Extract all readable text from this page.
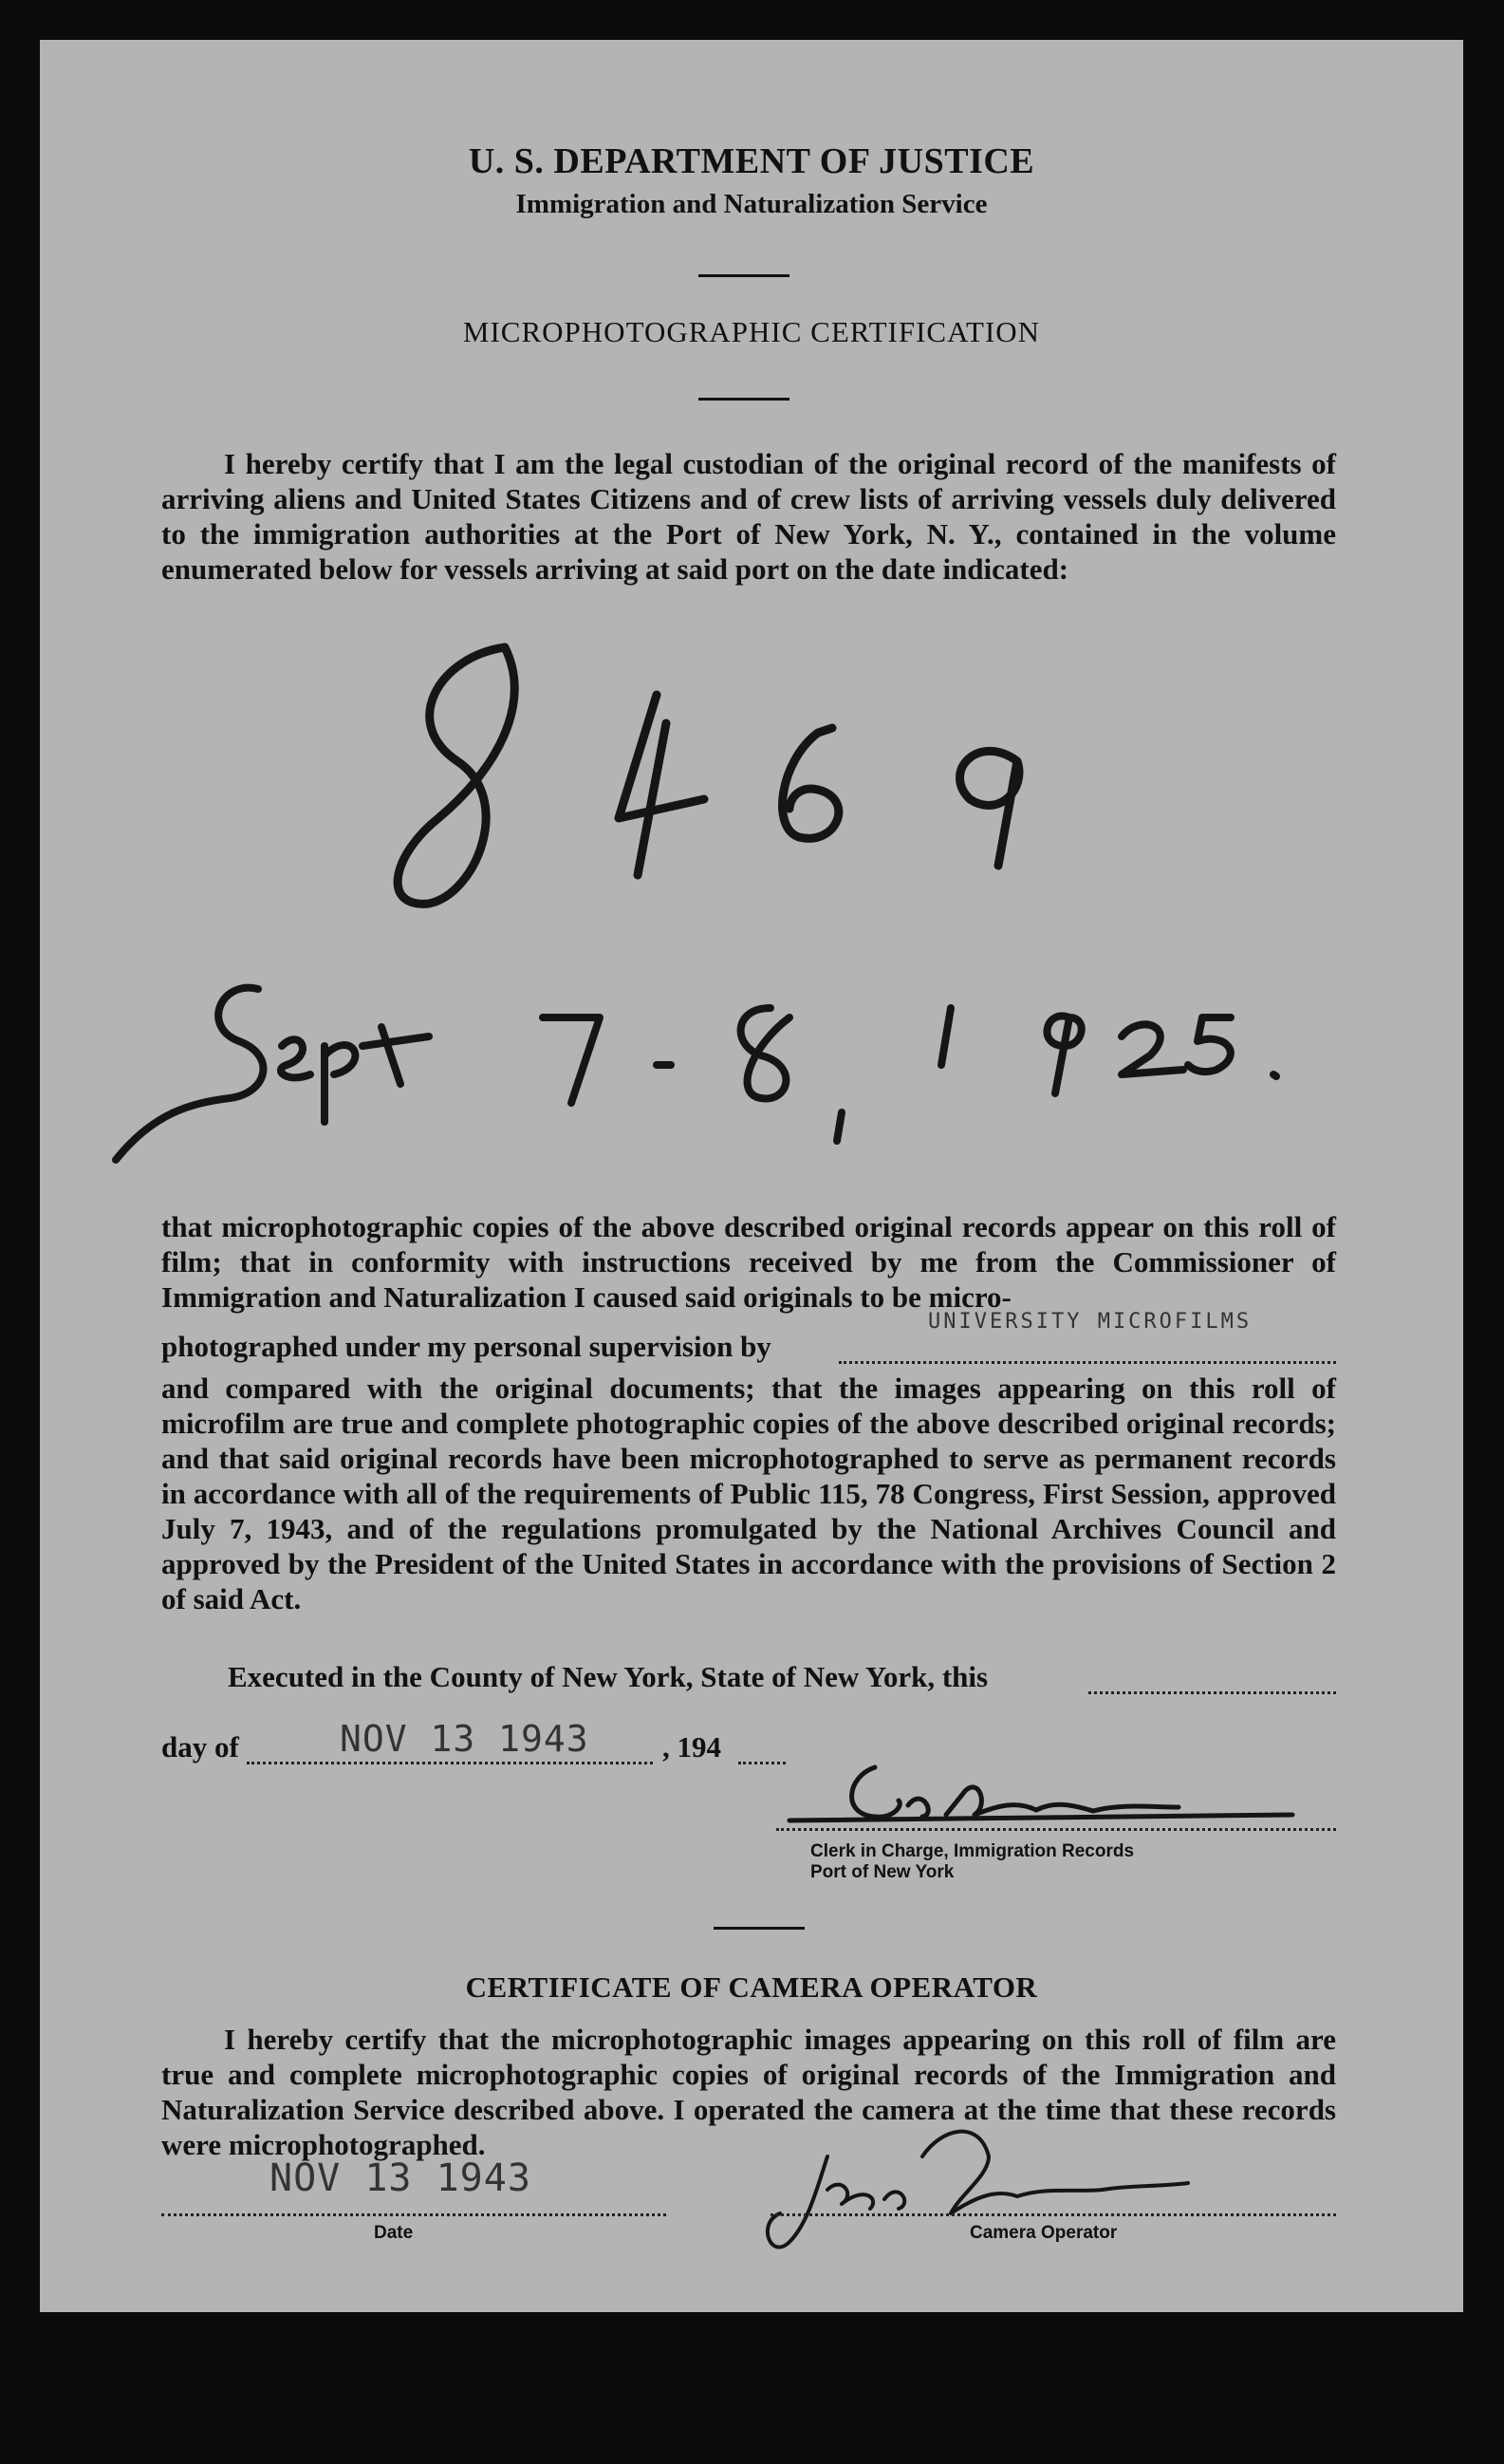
U. S. DEPARTMENT OF JUSTICE
Immigration and Naturalization Service
MICROPHOTOGRAPHIC CERTIFICATION
I hereby certify that I am the legal custodian of the original record of the manifests of arriving aliens and United States Citizens and of crew lists of arriving vessels duly delivered to the immigration authorities at the Port of New York, N. Y., contained in the volume enumerated below for vessels arriving at said port on the date indicated:
that microphotographic copies of the above described original records appear on this roll of film; that in conformity with instructions received by me from the Commissioner of Immigration and Naturalization I caused said originals to be micro-
photographed under my personal supervision by
UNIVERSITY MICROFILMS
and compared with the original documents; that the images appearing on this roll of microfilm are true and complete photographic copies of the above described original records; and that said original records have been microphotographed to serve as permanent records in accordance with all of the requirements of Public 115, 78 Congress, First Session, approved July 7, 1943, and of the regulations promulgated by the National Archives Council and approved by the President of the United States in accordance with the provisions of Section 2 of said Act.
Executed in the County of New York, State of New York, this
day of	NOV 13 1943 , 194
Clerk in Charge, Immigration Records
Port of New York
CERTIFICATE OF CAMERA OPERATOR
I hereby certify that the microphotographic images appearing on this roll of film are true and complete microphotographic copies of original records of the Immigration and Naturalization Service described above. I operated the camera at the time that these records were microphotographed.
NOV 13 1943
Date	Camera Operator
